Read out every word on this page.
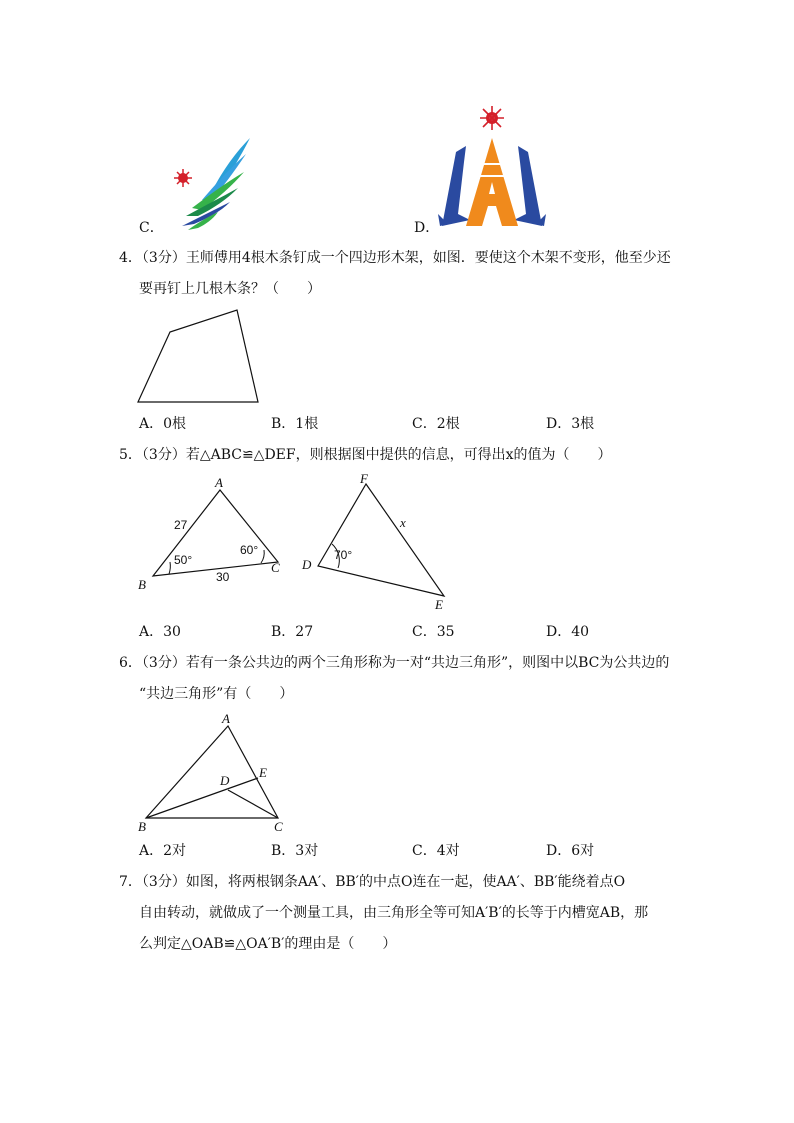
C．	D．
4．（3分）王师傅用4根木条钉成一个四边形木架，如图．要使这个木架不变形，他至少还
要再钉上几根木条？（　　）
A．0根	B．1根	C．2根	D．3根
5．（3分）若△ABC≌△DEF，则根据图中提供的信息，可得出x的值为（　　）
A
B
C
27
30
50°
60°
F
D
E
x
70°
A．30	B．27	C．35	D．40
6．（3分）若有一条公共边的两个三角形称为一对“共边三角形”，则图中以BC为公共边的
“共边三角形”有（　　）
A
B	C
D
E
A．2对	B．3对	C．4对	D．6对
7．（3分）如图，将两根钢条AA′、BB′的中点O连在一起，使AA′、BB′能绕着点O
自由转动，就做成了一个测量工具，由三角形全等可知A′B′的长等于内槽宽AB，那
么判定△OAB≌△OA′B′的理由是（　　）
